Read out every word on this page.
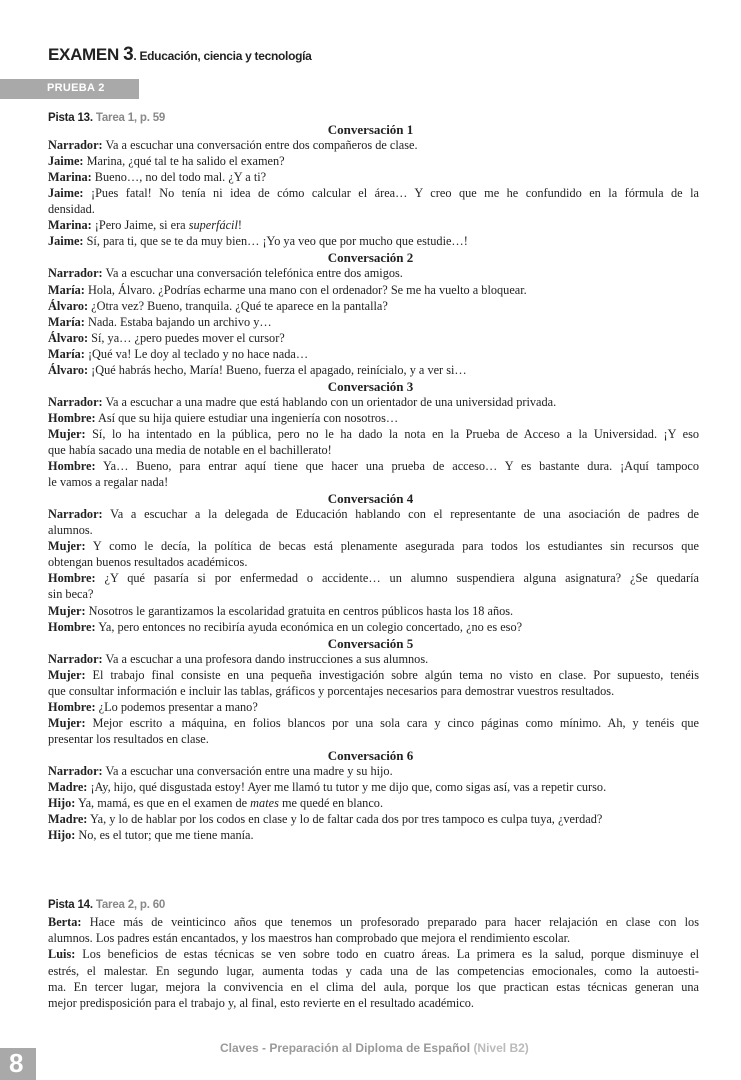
EXAMEN 3. Educación, ciencia y tecnología
PRUEBA 2
Pista 13. Tarea 1, p. 59
Conversación 1
Narrador: Va a escuchar una conversación entre dos compañeros de clase.
Jaime: Marina, ¿qué tal te ha salido el examen?
Marina: Bueno…, no del todo mal. ¿Y a ti?
Jaime: ¡Pues fatal! No tenía ni idea de cómo calcular el área… Y creo que me he confundido en la fórmula de la
densidad.
Marina: ¡Pero Jaime, si era superfácil!
Jaime: Sí, para ti, que se te da muy bien… ¡Yo ya veo que por mucho que estudie…!
Conversación 2
Narrador: Va a escuchar una conversación telefónica entre dos amigos.
María: Hola, Álvaro. ¿Podrías echarme una mano con el ordenador? Se me ha vuelto a bloquear.
Álvaro: ¿Otra vez? Bueno, tranquila. ¿Qué te aparece en la pantalla?
María: Nada. Estaba bajando un archivo y…
Álvaro: Sí, ya… ¿pero puedes mover el cursor?
María: ¡Qué va! Le doy al teclado y no hace nada…
Álvaro: ¡Qué habrás hecho, María! Bueno, fuerza el apagado, reinícialo, y a ver si…
Conversación 3
Narrador: Va a escuchar a una madre que está hablando con un orientador de una universidad privada.
Hombre: Así que su hija quiere estudiar una ingeniería con nosotros…
Mujer: Sí, lo ha intentado en la pública, pero no le ha dado la nota en la Prueba de Acceso a la Universidad. ¡Y eso
que había sacado una media de notable en el bachillerato!
Hombre: Ya… Bueno, para entrar aquí tiene que hacer una prueba de acceso… Y es bastante dura. ¡Aquí tampoco
le vamos a regalar nada!
Conversación 4
Narrador: Va a escuchar a la delegada de Educación hablando con el representante de una asociación de padres de
alumnos.
Mujer: Y como le decía, la política de becas está plenamente asegurada para todos los estudiantes sin recursos que
obtengan buenos resultados académicos.
Hombre: ¿Y qué pasaría si por enfermedad o accidente… un alumno suspendiera alguna asignatura? ¿Se quedaría
sin beca?
Mujer: Nosotros le garantizamos la escolaridad gratuita en centros públicos hasta los 18 años.
Hombre: Ya, pero entonces no recibiría ayuda económica en un colegio concertado, ¿no es eso?
Conversación 5
Narrador: Va a escuchar a una profesora dando instrucciones a sus alumnos.
Mujer: El trabajo final consiste en una pequeña investigación sobre algún tema no visto en clase. Por supuesto, tenéis
que consultar información e incluir las tablas, gráficos y porcentajes necesarios para demostrar vuestros resultados.
Hombre: ¿Lo podemos presentar a mano?
Mujer: Mejor escrito a máquina, en folios blancos por una sola cara y cinco páginas como mínimo. Ah, y tenéis que
presentar los resultados en clase.
Conversación 6
Narrador: Va a escuchar una conversación entre una madre y su hijo.
Madre: ¡Ay, hijo, qué disgustada estoy! Ayer me llamó tu tutor y me dijo que, como sigas así, vas a repetir curso.
Hijo: Ya, mamá, es que en el examen de mates me quedé en blanco.
Madre: Ya, y lo de hablar por los codos en clase y lo de faltar cada dos por tres tampoco es culpa tuya, ¿verdad?
Hijo: No, es el tutor; que me tiene manía.
Pista 14. Tarea 2, p. 60
Berta: Hace más de veinticinco años que tenemos un profesorado preparado para hacer relajación en clase con los
alumnos. Los padres están encantados, y los maestros han comprobado que mejora el rendimiento escolar.
Luis: Los beneficios de estas técnicas se ven sobre todo en cuatro áreas. La primera es la salud, porque disminuye el
estrés, el malestar. En segundo lugar, aumenta todas y cada una de las competencias emocionales, como la autoesti-
ma. En tercer lugar, mejora la convivencia en el clima del aula, porque los que practican estas técnicas generan una
mejor predisposición para el trabajo y, al final, esto revierte en el resultado académico.
8	Claves - Preparación al Diploma de Español (Nivel B2)
